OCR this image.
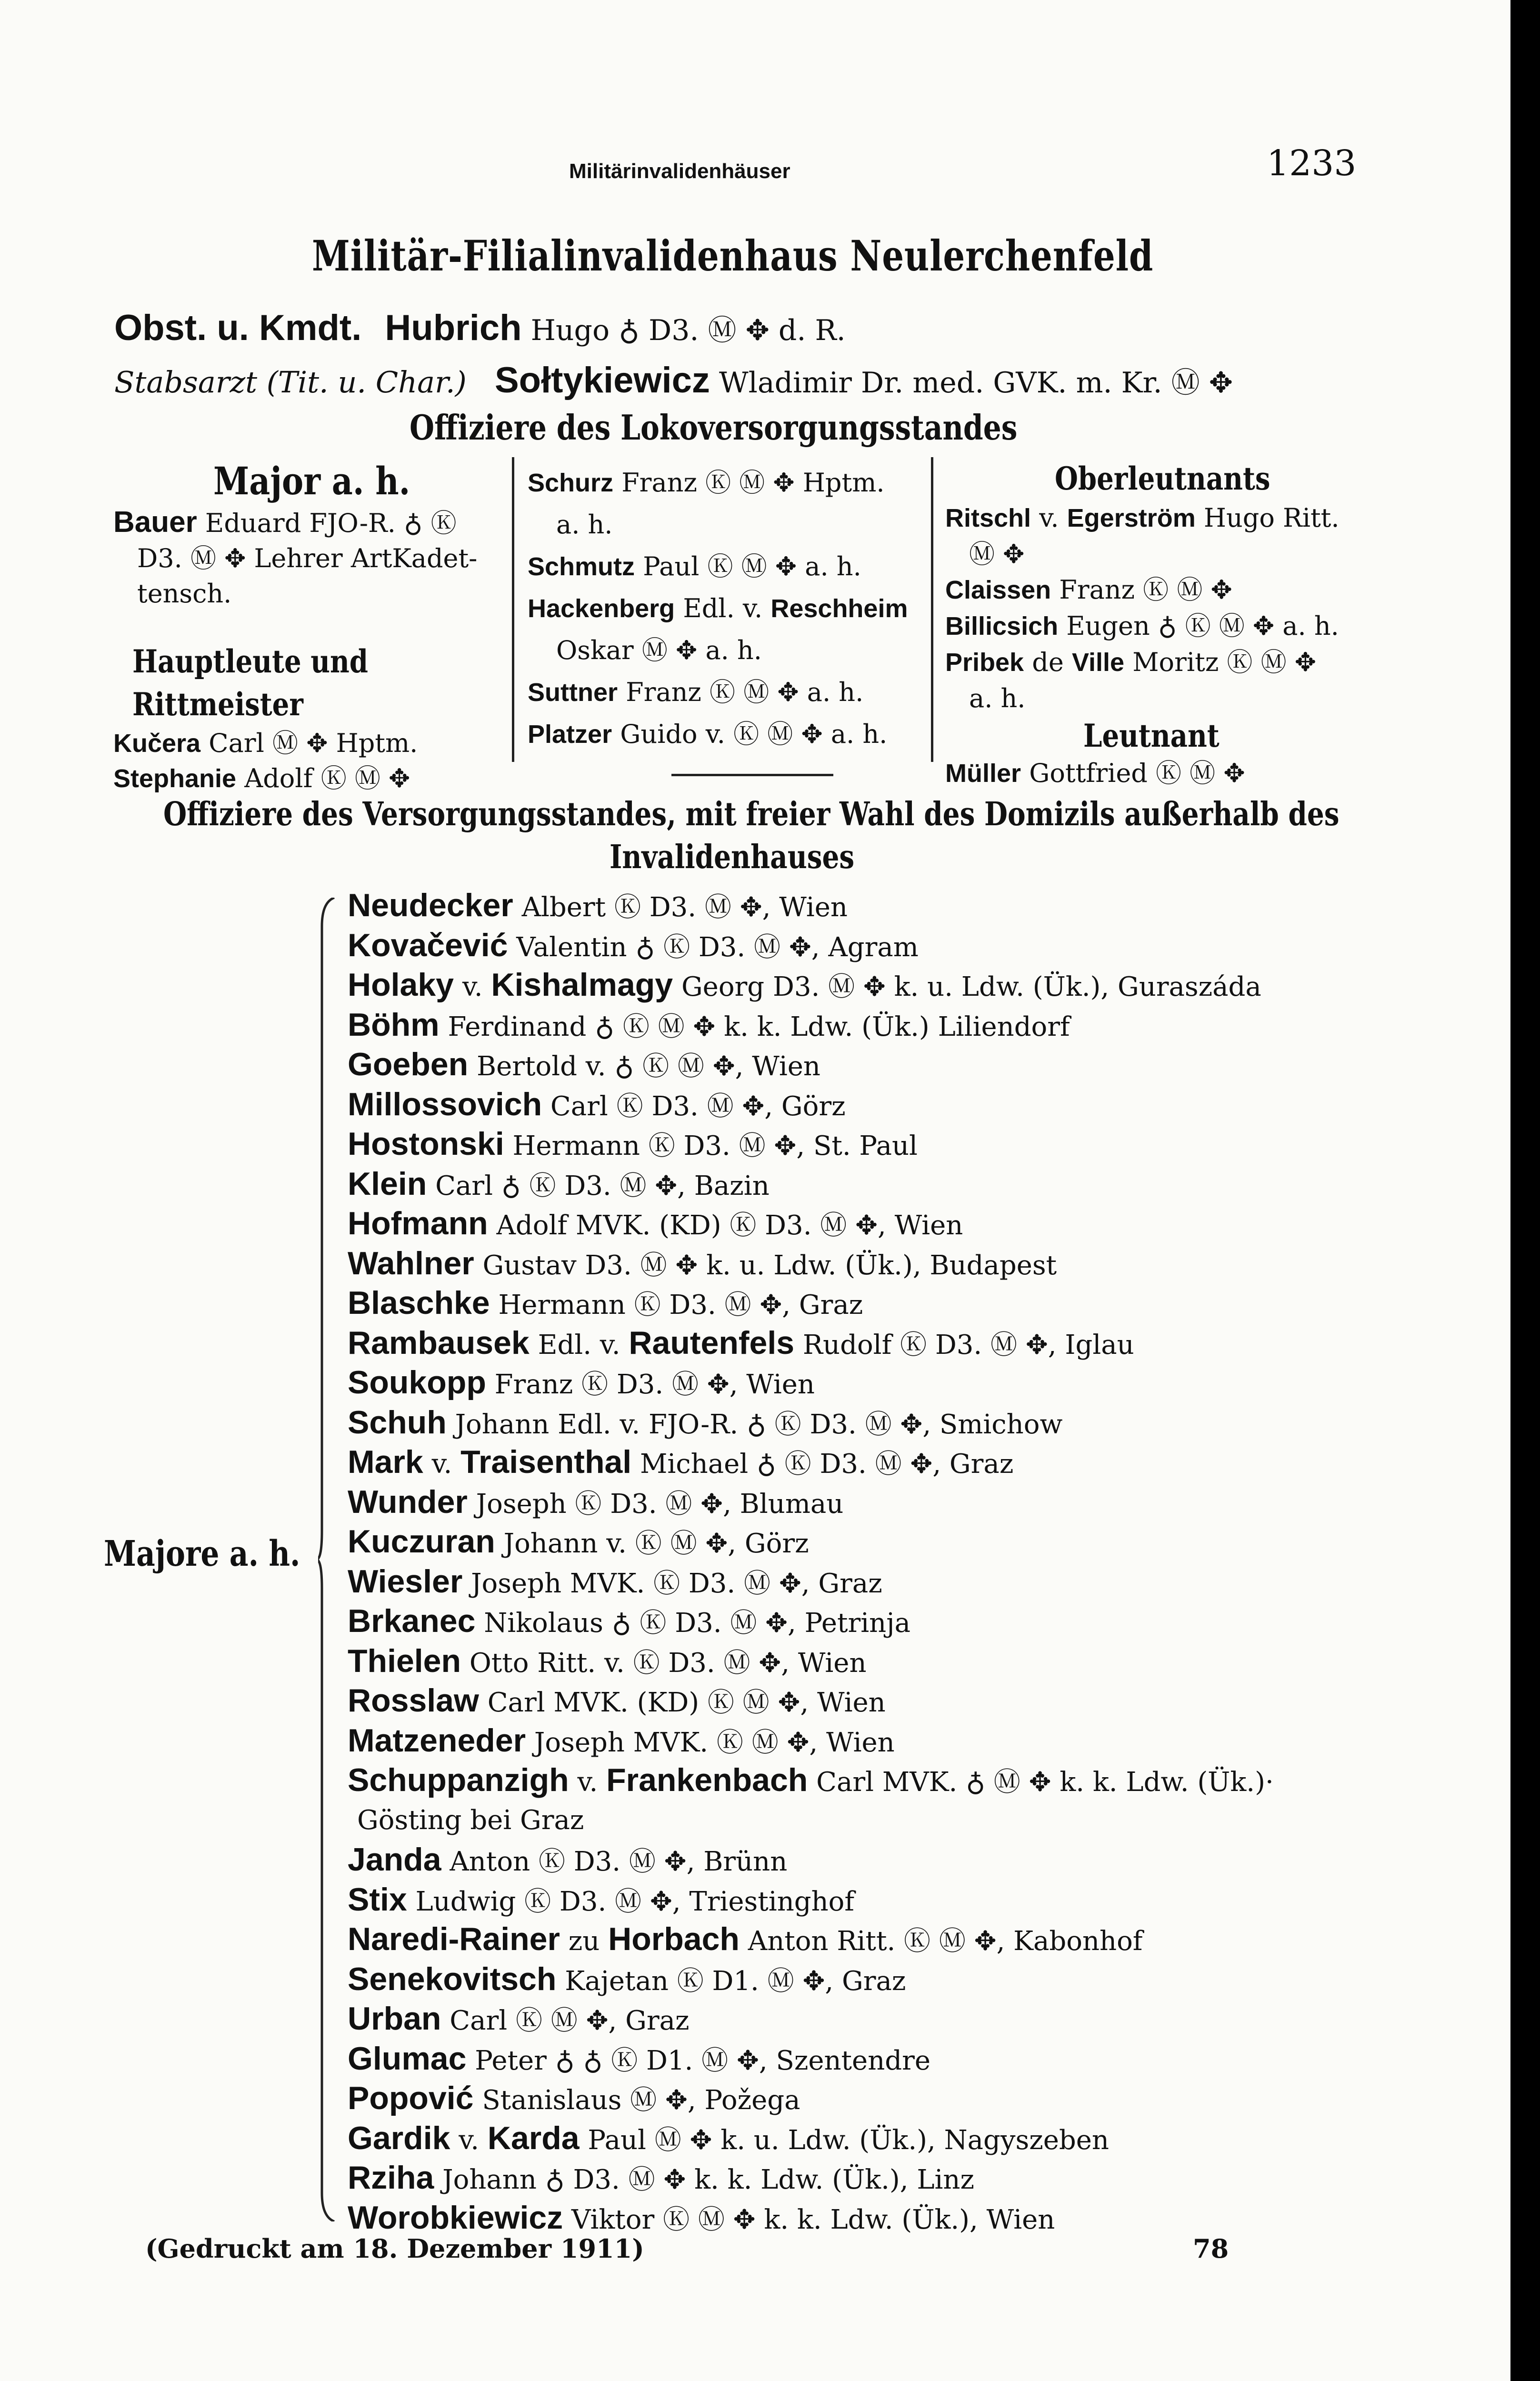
Militärinvalidenhäuser	1233
Militär-Filialinvalidenhaus Neulerchenfeld
Obst. u. Kmdt. Hubrich Hugo ♁ D3. Ⓜ ✥ d. R.
Stabsarzt (Tit. u. Char.) Sołtykiewicz Wladimir Dr. med. GVK. m. Kr. Ⓜ ✥
Offiziere des Lokoversorgungsstandes
Major a. h.
Bauer Eduard FJO-R. ♁ Ⓚ
D3. Ⓜ ✥ Lehrer ArtKadet-
tensch.
Hauptleute und Rittmeister
Kučera Carl Ⓜ ✥ Hptm.
Stephanie Adolf Ⓚ Ⓜ ✥
Schurz Franz Ⓚ Ⓜ ✥ Hptm.
a. h.
Schmutz Paul Ⓚ Ⓜ ✥ a. h.
Hackenberg Edl. v. Reschheim
Oskar Ⓜ ✥ a. h.
Suttner Franz Ⓚ Ⓜ ✥ a. h.
Platzer Guido v. Ⓚ Ⓜ ✥ a. h.
Oberleutnants
Ritschl v. Egerström Hugo Ritt.
Ⓜ ✥
Claissen Franz Ⓚ Ⓜ ✥
Billicsich Eugen ♁ Ⓚ Ⓜ ✥ a. h.
Pribek de Ville Moritz Ⓚ Ⓜ ✥
a. h.
Leutnant
Müller Gottfried Ⓚ Ⓜ ✥
Offiziere des Versorgungsstandes, mit freier Wahl des Domizils außerhalb des
Invalidenhauses
Majore a. h.
Neudecker Albert Ⓚ D3. Ⓜ ✥, Wien
Kovačević Valentin ♁ Ⓚ D3. Ⓜ ✥, Agram
Holaky v. Kishalmagy Georg D3. Ⓜ ✥ k. u. Ldw. (Ük.), Guraszáda
Böhm Ferdinand ♁ Ⓚ Ⓜ ✥ k. k. Ldw. (Ük.) Liliendorf
Goeben Bertold v. ♁ Ⓚ Ⓜ ✥, Wien
Millossovich Carl Ⓚ D3. Ⓜ ✥, Görz
Hostonski Hermann Ⓚ D3. Ⓜ ✥, St. Paul
Klein Carl ♁ Ⓚ D3. Ⓜ ✥, Bazin
Hofmann Adolf MVK. (KD) Ⓚ D3. Ⓜ ✥, Wien
Wahlner Gustav D3. Ⓜ ✥ k. u. Ldw. (Ük.), Budapest
Blaschke Hermann Ⓚ D3. Ⓜ ✥, Graz
Rambausek Edl. v. Rautenfels Rudolf Ⓚ D3. Ⓜ ✥, Iglau
Soukopp Franz Ⓚ D3. Ⓜ ✥, Wien
Schuh Johann Edl. v. FJO-R. ♁ Ⓚ D3. Ⓜ ✥, Smichow
Mark v. Traisenthal Michael ♁ Ⓚ D3. Ⓜ ✥, Graz
Wunder Joseph Ⓚ D3. Ⓜ ✥, Blumau
Kuczuran Johann v. Ⓚ Ⓜ ✥, Görz
Wiesler Joseph MVK. Ⓚ D3. Ⓜ ✥, Graz
Brkanec Nikolaus ♁ Ⓚ D3. Ⓜ ✥, Petrinja
Thielen Otto Ritt. v. Ⓚ D3. Ⓜ ✥, Wien
Rosslaw Carl MVK. (KD) Ⓚ Ⓜ ✥, Wien
Matzeneder Joseph MVK. Ⓚ Ⓜ ✥, Wien
Schuppanzigh v. Frankenbach Carl MVK. ♁ Ⓜ ✥ k. k. Ldw. (Ük.)·
Gösting bei Graz
Janda Anton Ⓚ D3. Ⓜ ✥, Brünn
Stix Ludwig Ⓚ D3. Ⓜ ✥, Triestinghof
Naredi-Rainer zu Horbach Anton Ritt. Ⓚ Ⓜ ✥, Kabonhof
Senekovitsch Kajetan Ⓚ D1. Ⓜ ✥, Graz
Urban Carl Ⓚ Ⓜ ✥, Graz
Glumac Peter ♁ ♁ Ⓚ D1. Ⓜ ✥, Szentendre
Popović Stanislaus Ⓜ ✥, Požega
Gardik v. Karda Paul Ⓜ ✥ k. u. Ldw. (Ük.), Nagyszeben
Rziha Johann ♁ D3. Ⓜ ✥ k. k. Ldw. (Ük.), Linz
Worobkiewicz Viktor Ⓚ Ⓜ ✥ k. k. Ldw. (Ük.), Wien
(Gedruckt am 18. Dezember 1911)	78
